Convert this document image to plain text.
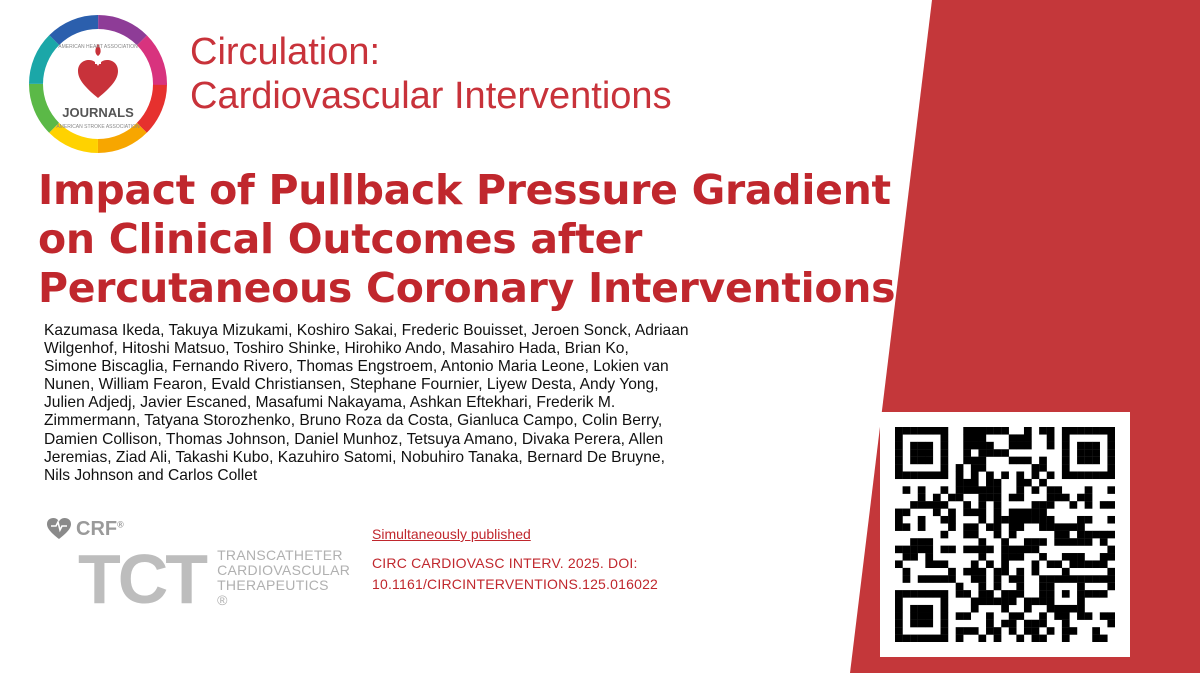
JOURNALS
AMERICAN HEART ASSOCIATION
AMERICAN STROKE ASSOCIATION
Circulation:
Cardiovascular Interventions
Impact of Pullback Pressure Gradient
on Clinical Outcomes after
Percutaneous Coronary Interventions
Kazumasa Ikeda, Takuya Mizukami, Koshiro Sakai, Frederic Bouisset, Jeroen Sonck, Adriaan
Wilgenhof, Hitoshi Matsuo, Toshiro Shinke, Hirohiko Ando, Masahiro Hada, Brian Ko,
Simone Biscaglia, Fernando Rivero, Thomas Engstroem, Antonio Maria Leone, Lokien van
Nunen, William Fearon, Evald Christiansen, Stephane Fournier, Liyew Desta, Andy Yong,
Julien Adjedj, Javier Escaned, Masafumi Nakayama, Ashkan Eftekhari, Frederik M.
Zimmermann, Tatyana Storozhenko, Bruno Roza da Costa, Gianluca Campo, Colin Berry,
Damien Collison, Thomas Johnson, Daniel Munhoz, Tetsuya Amano, Divaka Perera, Allen
Jeremias, Ziad Ali, Takashi Kubo, Kazuhiro Satomi, Nobuhiro Tanaka, Bernard De Bruyne,
Nils Johnson and Carlos Collet
CRF®
TCT TRANSCATHETER
CARDIOVASCULAR
THERAPEUTICS
®
Simultaneously published
CIRC CARDIOVASC INTERV. 2025. DOI:
10.1161/CIRCINTERVENTIONS.125.016022
